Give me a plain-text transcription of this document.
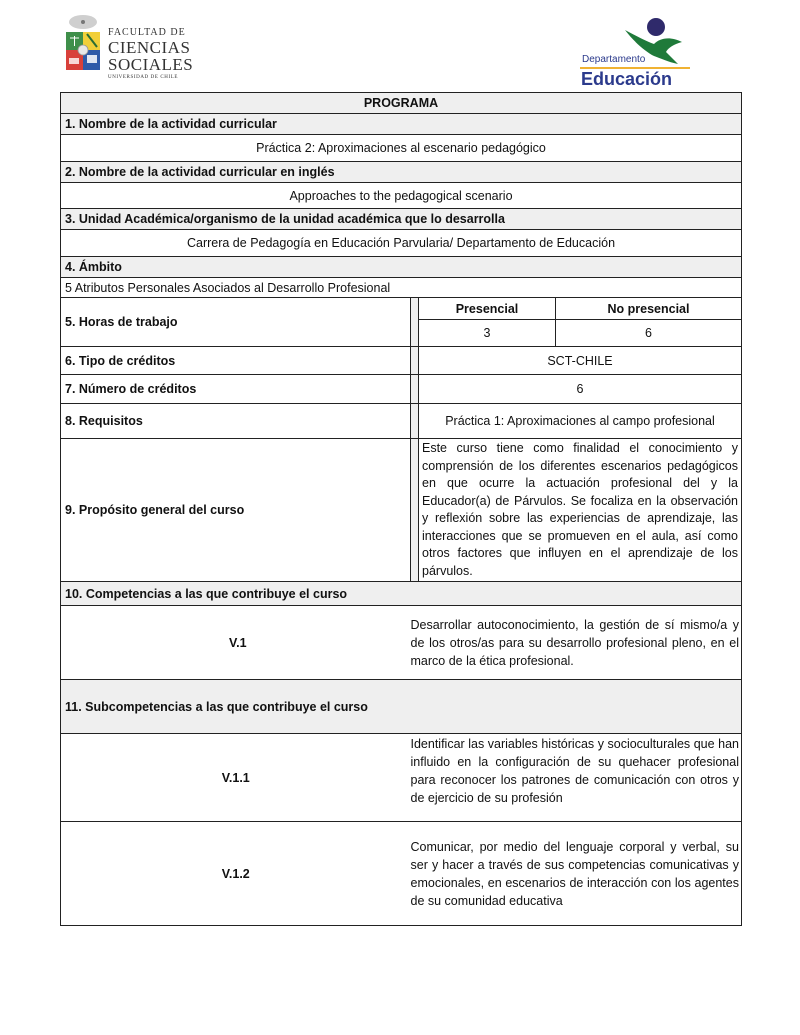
FACULTAD DE
CIENCIAS
SOCIALES
UNIVERSIDAD DE CHILE
Departamento
Educación
PROGRAMA			
1. Nombre de la actividad curricular			
Práctica 2: Aproximaciones al escenario pedagógico			
2. Nombre de la actividad curricular en inglés			
Approaches to the pedagogical scenario			
3. Unidad Académica/organismo de la unidad académica que lo desarrolla			
Carrera de Pedagogía en Educación Parvularia/ Departamento de Educación			
4. Ámbito			
5 Atributos Personales Asociados al Desarrollo Profesional			
5. Horas de trabajo		Presencial	No presencial
		3	6
6. Tipo de créditos		SCT-CHILE	
7. Número de créditos		6	
8. Requisitos		Práctica 1: Aproximaciones al campo profesional	
9. Propósito general del curso		Este curso tiene como finalidad el conocimiento y comprensión de los diferentes escenarios pedagógicos en que ocurre la actuación profesional del y la Educador(a) de Párvulos. Se focaliza en la observación y reflexión sobre las experiencias de aprendizaje, las interacciones que se promueven en el aula, así como otros factores que influyen en el aprendizaje de los párvulos.	
10. Competencias a las que contribuye el curso			
V.1	Desarrollar autoconocimiento, la gestión de sí mismo/a y de los otros/as para su desarrollo profesional pleno, en el marco de la ética profesional.		
11. Subcompetencias a las que contribuye el curso			
V.1.1	Identificar las variables históricas y socioculturales que han influido en la configuración de su quehacer profesional para reconocer los patrones de comunicación con otros y de ejercicio de su profesión		
V.1.2	Comunicar, por medio del lenguaje corporal y verbal, su ser y hacer a través de sus competencias comunicativas y emocionales, en escenarios de interacción con los agentes de su comunidad educativa		
